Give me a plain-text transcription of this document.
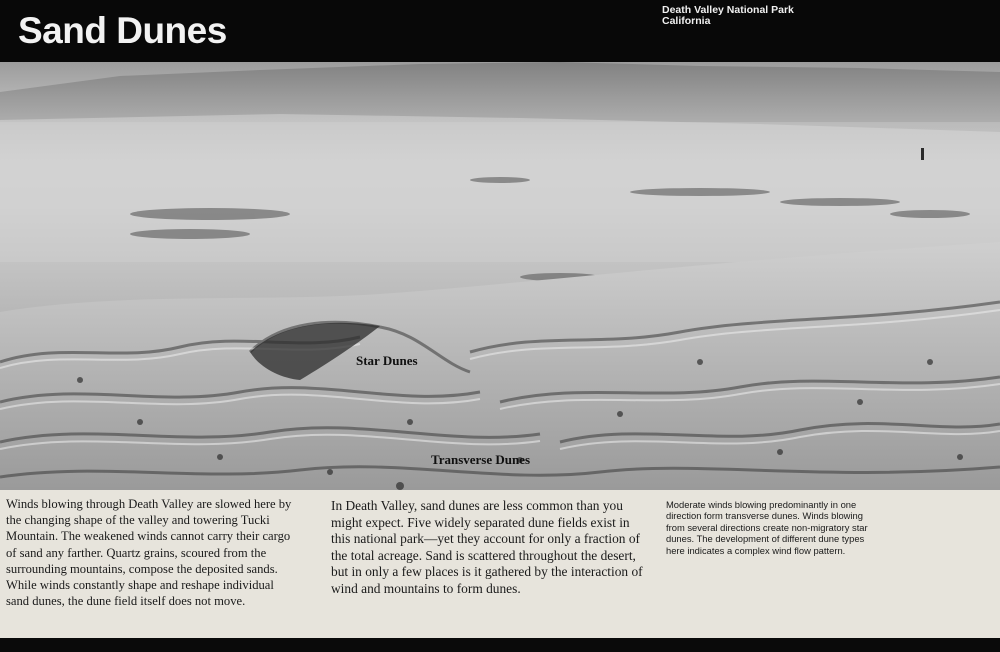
Sand Dunes	Death Valley National Park
California
Star Dunes
Transverse Dunes

Winds blowing through Death Valley are slowed here by the changing shape of the valley and towering Tucki Mountain. The weakened winds cannot carry their cargo of sand any farther. Quartz grains, scoured from the surrounding mountains, compose the deposited sands. While winds constantly shape and reshape individual sand dunes, the dune field itself does not move.

In Death Valley, sand dunes are less common than you might expect. Five widely separated dune fields exist in this national park—yet they account for only a fraction of the total acreage. Sand is scattered throughout the desert, but in only a few places is it gathered by the interaction of wind and mountains to form dunes.

Moderate winds blowing predominantly in one direction form transverse dunes. Winds blowing from several directions create non-migratory star dunes. The development of different dune types here indicates a complex wind flow pattern.
